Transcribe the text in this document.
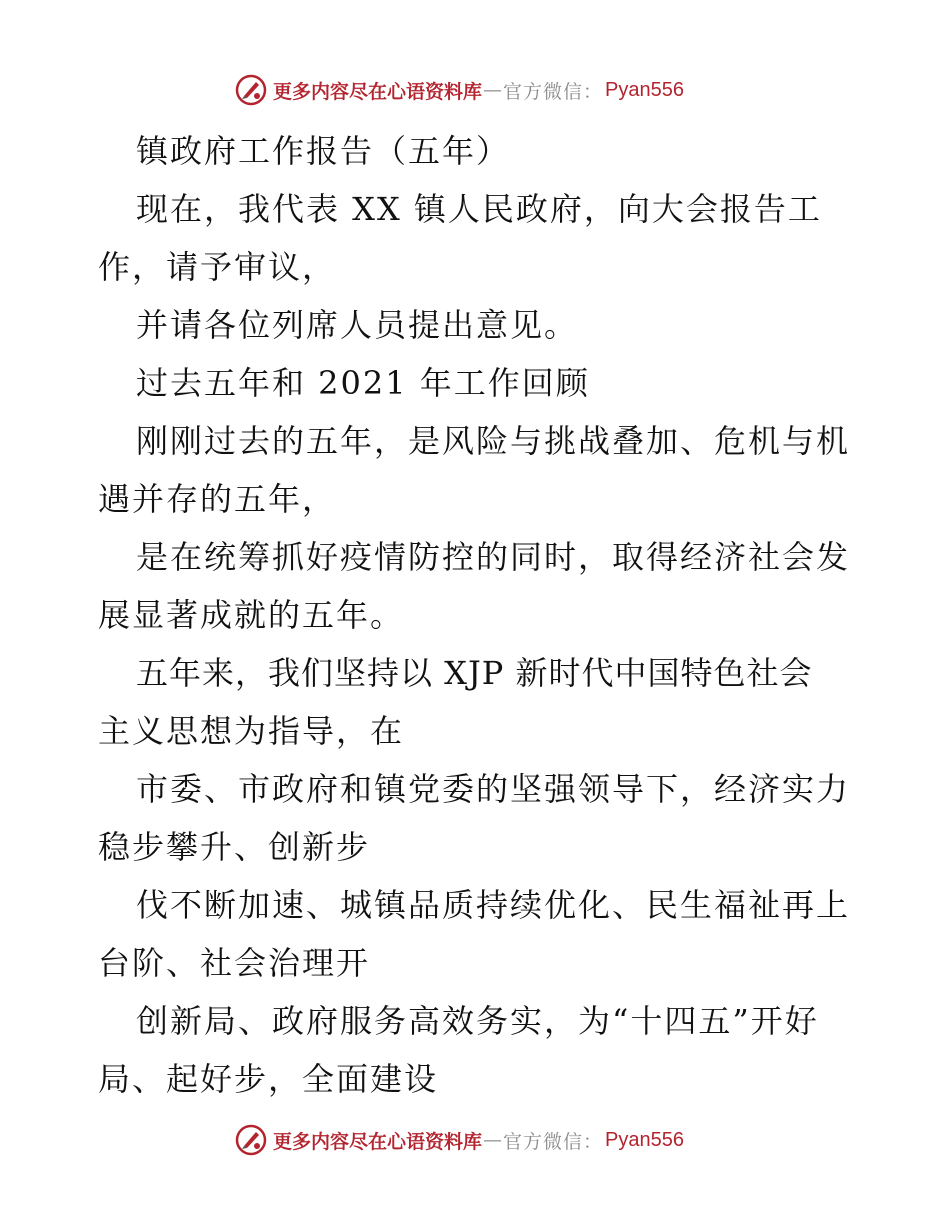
更多内容尽在心语资料库 — 官方微信： Pyan556
镇政府工作报告（五年）
现在，我代表 XX 镇人民政府，向大会报告工
作，请予审议，
并请各位列席人员提出意见。
过去五年和 2021 年工作回顾
刚刚过去的五年，是风险与挑战叠加、危机与机
遇并存的五年，
是在统筹抓好疫情防控的同时，取得经济社会发
展显著成就的五年。
五年来，我们坚持以 XJP 新时代中国特色社会
主义思想为指导，在
市委、市政府和镇党委的坚强领导下，经济实力
稳步攀升、创新步
伐不断加速、城镇品质持续优化、民生福祉再上
台阶、社会治理开
创新局、政府服务高效务实，为“十四五”开好
局、起好步，全面建设
更多内容尽在心语资料库 — 官方微信： Pyan556
